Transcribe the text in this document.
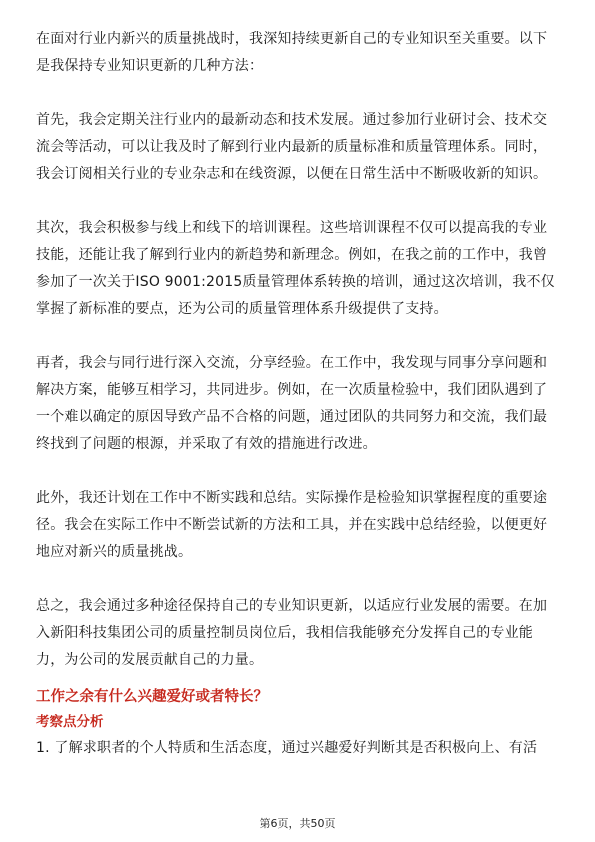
在面对行业内新兴的质量挑战时，我深知持续更新自己的专业知识至关重要。以下是我保持专业知识更新的几种方法：

首先，我会定期关注行业内的最新动态和技术发展。通过参加行业研讨会、技术交流会等活动，可以让我及时了解到行业内最新的质量标准和质量管理体系。同时，我会订阅相关行业的专业杂志和在线资源，以便在日常生活中不断吸收新的知识。

其次，我会积极参与线上和线下的培训课程。这些培训课程不仅可以提高我的专业技能，还能让我了解到行业内的新趋势和新理念。例如，在我之前的工作中，我曾参加了一次关于ISO 9001:2015质量管理体系转换的培训，通过这次培训，我不仅掌握了新标准的要点，还为公司的质量管理体系升级提供了支持。

再者，我会与同行进行深入交流，分享经验。在工作中，我发现与同事分享问题和解决方案，能够互相学习，共同进步。例如，在一次质量检验中，我们团队遇到了一个难以确定的原因导致产品不合格的问题，通过团队的共同努力和交流，我们最终找到了问题的根源，并采取了有效的措施进行改进。

此外，我还计划在工作中不断实践和总结。实际操作是检验知识掌握程度的重要途径。我会在实际工作中不断尝试新的方法和工具，并在实践中总结经验，以便更好地应对新兴的质量挑战。

总之，我会通过多种途径保持自己的专业知识更新，以适应行业发展的需要。在加入新阳科技集团公司的质量控制员岗位后，我相信我能够充分发挥自己的专业能力，为公司的发展贡献自己的力量。

工作之余有什么兴趣爱好或者特长？

考察点分析

1. 了解求职者的个人特质和生活态度，通过兴趣爱好判断其是否积极向上、有活

第6页，共50页
